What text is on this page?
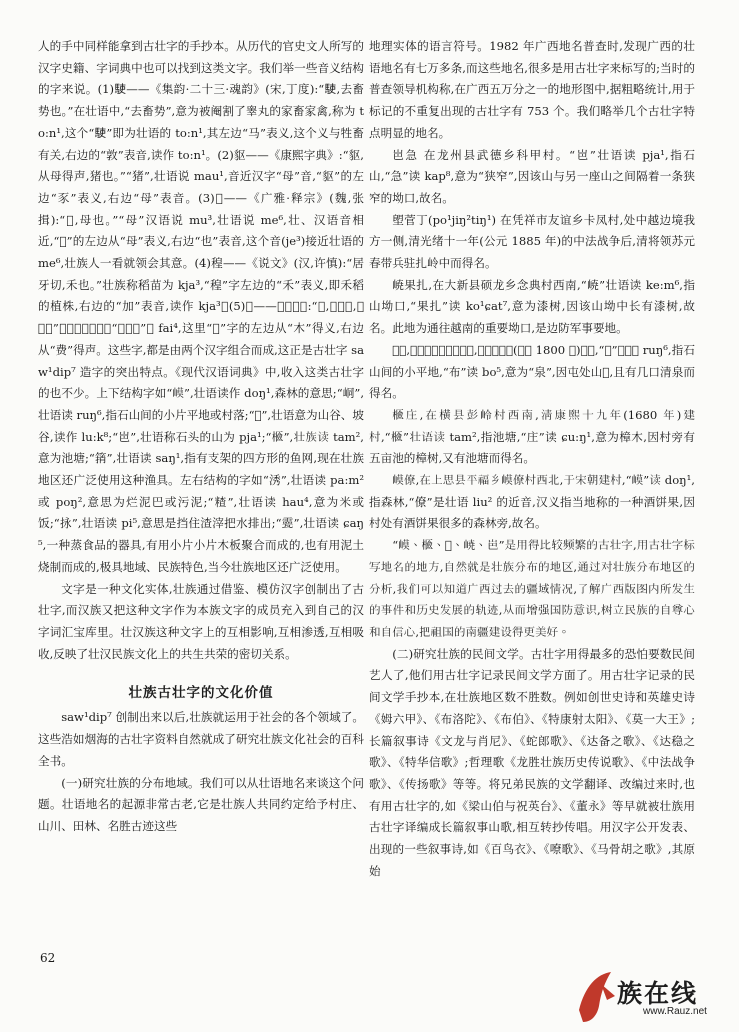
人的手中同样能拿到古壮字的手抄本。从历代的官史文人所写的汉字史籍、字词典中也可以找到这类文字。我们举一些音义结构的字来说。(1)𩢲——《集韵·二十三·魂韵》(宋,丁度):“𩢲,去畜势也。”在壮语中,“去畜势”,意为被阉割了睾丸的家畜家禽,称为 to:n¹,这个“𩢲”即为壮语的 to:n¹,其左边“马”表义,这个义与牲畜有关,右边的“敦”表音,读作 to:n¹。(2)䝙——《康熙字典》:“䝙,从母得声,猪也。”“猪”,壮语说 mau¹,音近汉字“母”音,“䝙”的左边“豕”表义,右边“母”表音。(3)𫞵——《广雅·释宗》(魏,张揖):“𫞵,母也。”“母”汉语说 mu³,壮语说 me⁶,壮、汉语音相近,“𫞵”的左边从“母”表义,右边“也”表音,这个音(je³)接近壮语的 me⁶,壮族人一看就领会其意。(4)䅣——《说文》(汉,许慎):“居牙切,禾也。”壮族称稻苗为 kja³,“䅣”字左边的“禾”表义,即禾稻的植株,右边的“加”表音,读作 kja³。(5)𣞊——《说文》:“𣞊,芳未切,木也。”壮语北部方言称“木、树”为 fai⁴,这里“𣞊”字的左边从“木”得义,右边从“费”得声。这些字,都是由两个汉字组合而成,这正是古壮字 saw¹dip⁷ 造字的突出特点。《现代汉语词典》中,收入这类古壮字的也不少。上下结构字如“𡻟”,壮语读作 doŋ¹,森林的意思;“峒”,壮语读 ruŋ⁶,指石山间的小片平地或村落;“𡶴”,壮语意为山谷、坡谷,读作 lu:k⁸;“岜”,壮语称石头的山为 pja¹;“𣞘”,壮族读 tam²,意为池塘;“䈰”,壮语读 saŋ¹,指有支架的四方形的鱼网,现在壮族地区还广泛使用这种渔具。左右结构的字如“𣵛”,壮语读 pa:m² 或 poŋ²,意思为烂泥巴或污泥;“𥻗”,壮语读 hau⁴,意为米或饭;“𢫕”,壮语读 pi⁵,意思是挡住渣滓把水排出;“𤮮”,壮语读 ɕaŋ⁵,一种蒸食品的器具,有用小片小片木板聚合而成的,也有用泥土烧制而成的,极具地域、民族特色,当今壮族地区还广泛使用。

文字是一种文化实体,壮族通过借鉴、模仿汉字创制出了古壮字,而汉族又把这种文字作为本族文字的成员充入到自己的汉字词汇宝库里。壮汉族这种文字上的互相影响,互相渗透,互相吸收,反映了壮汉民族文化上的共生共荣的密切关系。

壮族古壮字的文化价值

saw¹dip⁷ 创制出来以后,壮族就运用于社会的各个领域了。这些浩如烟海的古壮字资料自然就成了研究壮族文化社会的百科全书。

(一)研究壮族的分布地域。我们可以从壮语地名来谈这个问题。壮语地名的起源非常古老,它是壮族人共同约定给予村庄、山川、田林、名胜古迹这些

地理实体的语言符号。1982 年广西地名普查时,发现广西的壮语地名有七万多条,而这些地名,很多是用古壮字来标写的;当时的普查领导机构称,在广西五万分之一的地形图中,据粗略统计,用于标记的不重复出现的古壮字有 753 个。我们略举几个古壮字特点明显的地名。

岜急 在龙州县武德乡科甲村。“岜”壮语读 pja¹,指石山,“急”读 kap⁸,意为“狭窄”,因该山与另一座山之间隔着一条狭窄的坳口,故名。

塱菅丁(po¹jiŋ²tiŋ¹) 在凭祥市友谊乡卡凤村,处中越边境我方一侧,清光绪十一年(公元 1885 年)的中法战争后,清将领苏元春带兵驻扎岭中而得名。

𡸳果扎,在大新县硕龙乡念典村西南,“𡸳”壮语读 ke:m⁶,指山坳口,“果扎”读 ko¹ɕat⁷,意为漆树,因该山坳中长有漆树,故名。此地为通往越南的重要坳口,是边防军事要地。

𡶴布,在靖西县𡶴那村东边,清嘉庆五年(公元 1800 年)建屯,“𡶴”壮语读 ruŋ⁶,指石山间的小平地,“布”读 bo⁵,意为“泉”,因屯处山𡶴,且有几口清泉而得名。

𣞘庄,在横县彭岭村西南,清康熙十九年(1680 年)建村,“𣞘”壮语读 tam²,指池塘,“庄”读 ɕu:ŋ¹,意为樟木,因村旁有五亩池的樟树,又有池塘而得名。

𡻟僚,在上思县平福乡𡻟僚村西北,于宋朝建村,“𡻟”读 doŋ¹,指森林,“僚”是壮语 liu² 的近音,汉义指当地称的一种酒饼果,因村处有酒饼果很多的森林旁,故名。

“𡻟、𣞘、𡶴、𡸳、岜”是用得比较频繁的古壮字,用古壮字标写地名的地方,自然就是壮族分布的地区,通过对壮族分布地区的分析,我们可以知道广西过去的疆域情况,了解广西版图内所发生的事件和历史发展的轨迹,从而增强国防意识,树立民族的自尊心和自信心,把祖国的南疆建设得更美好。

(二)研究壮族的民间文学。古壮字用得最多的恐怕要数民间艺人了,他们用古壮字记录民间文学方面了。用古壮字记录的民间文学手抄本,在壮族地区数不胜数。例如创世史诗和英雄史诗《姆六甲》、《布洛陀》、《布伯》、《特康射太阳》、《莫一大王》;长篇叙事诗《文龙与肖尼》、《蛇郎歌》、《达备之歌》、《达稳之歌》、《特华信歌》;哲理歌《龙胜壮族历史传说歌》、《中法战争歌》、《传扬歌》等等。将兄弟民族的文学翻译、改编过来时,也有用古壮字的,如《梁山伯与祝英台》、《董永》等早就被壮族用古壮字译编成长篇叙事山歌,相互转抄传唱。用汉字公开发表、出现的一些叙事诗,如《百鸟衣》、《嘹歌》、《马骨胡之歌》,其原始

62
族在线
www.Rauz.net
